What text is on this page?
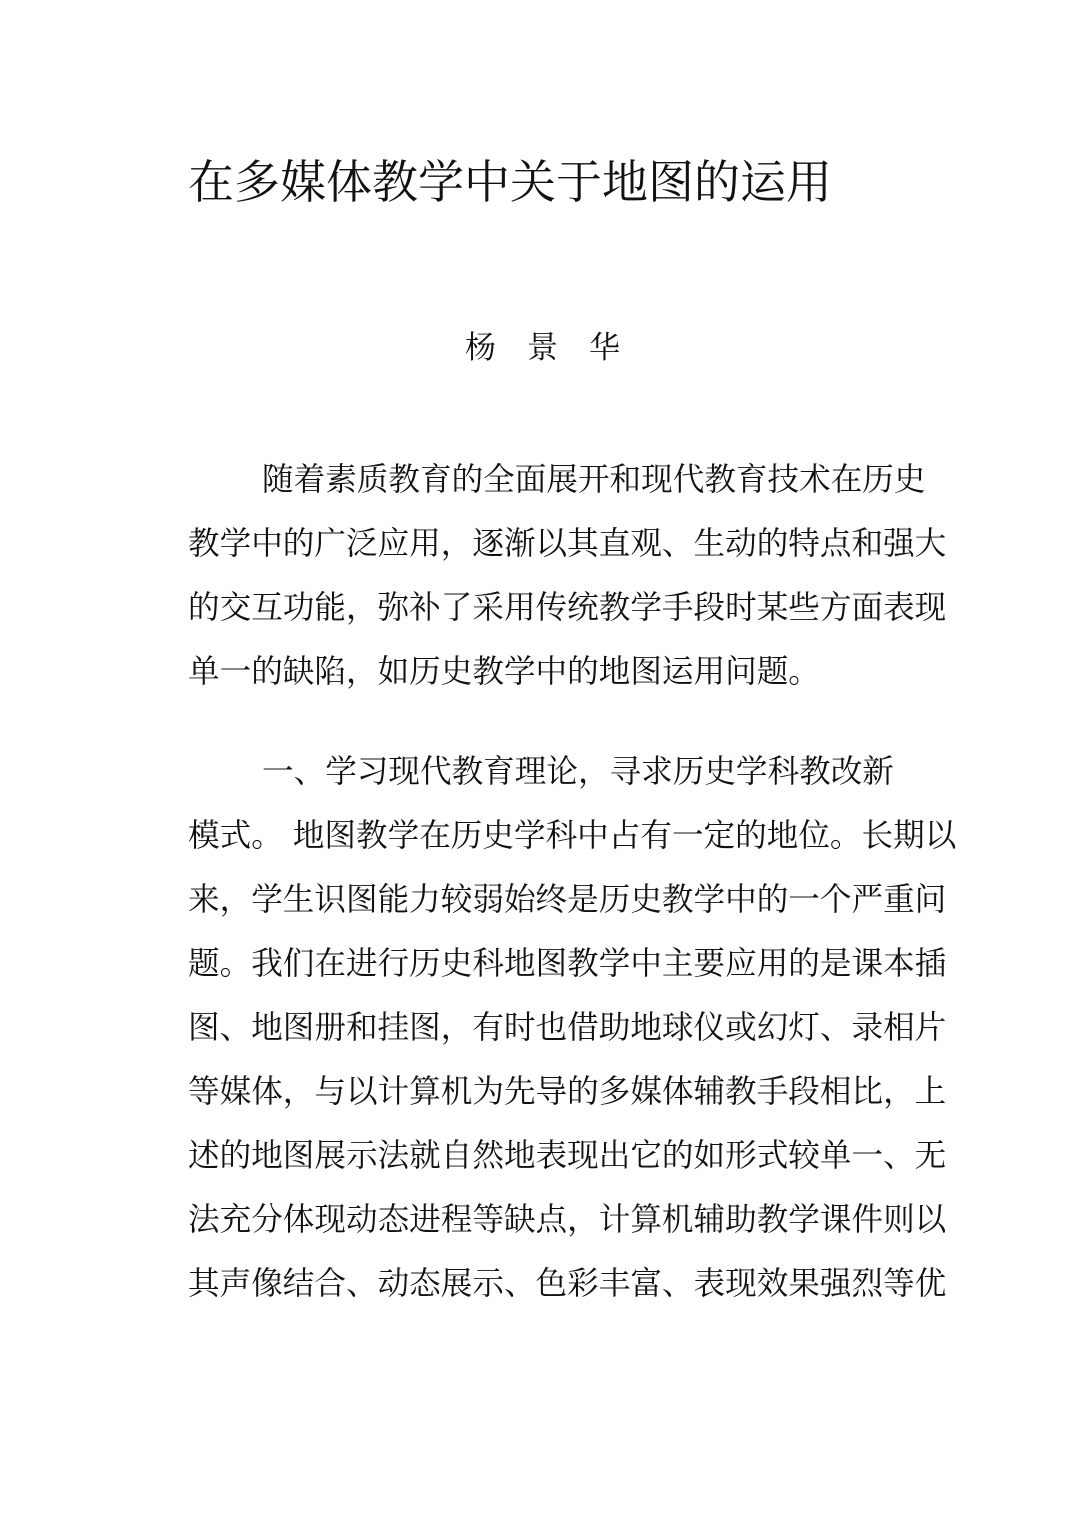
在多媒体教学中关于地图的运用

杨　景　华

随着素质教育的全面展开和现代教育技术在历史

教学中的广泛应用，逐渐以其直观、生动的特点和强大

的交互功能，弥补了采用传统教学手段时某些方面表现

单一的缺陷，如历史教学中的地图运用问题。

一、学习现代教育理论，寻求历史学科教改新

模式。 地图教学在历史学科中占有一定的地位。长期以

来，学生识图能力较弱始终是历史教学中的一个严重问

题。我们在进行历史科地图教学中主要应用的是课本插

图、地图册和挂图，有时也借助地球仪或幻灯、录相片

等媒体，与以计算机为先导的多媒体辅教手段相比，上

述的地图展示法就自然地表现出它的如形式较单一、无

法充分体现动态进程等缺点，计算机辅助教学课件则以

其声像结合、动态展示、色彩丰富、表现效果强烈等优
